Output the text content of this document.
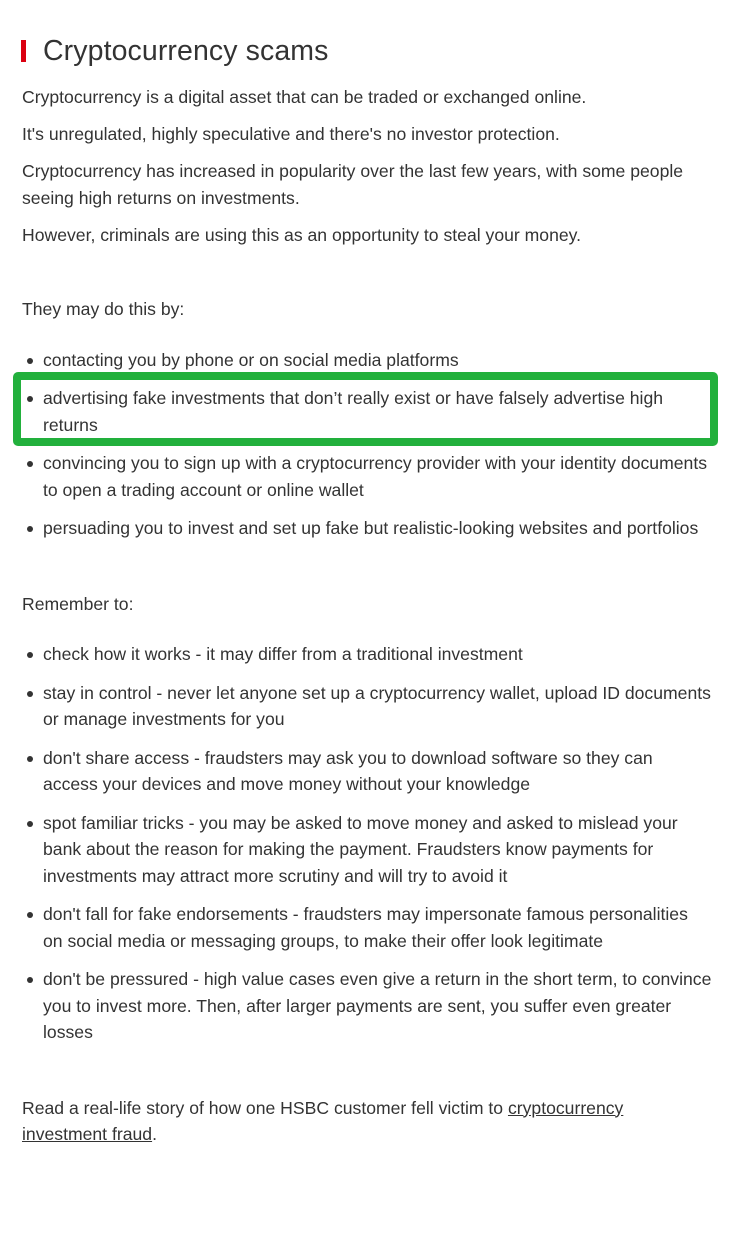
Cryptocurrency scams

Cryptocurrency is a digital asset that can be traded or exchanged online.

It's unregulated, highly speculative and there's no investor protection.

Cryptocurrency has increased in popularity over the last few years, with some people seeing high returns on investments.

However, criminals are using this as an opportunity to steal your money.

They may do this by:

contacting you by phone or on social media platforms
advertising fake investments that don’t really exist or have falsely advertise high returns
convincing you to sign up with a cryptocurrency provider with your identity documents to open a trading account or online wallet
persuading you to invest and set up fake but realistic-looking websites and portfolios

Remember to:

check how it works - it may differ from a traditional investment
stay in control - never let anyone set up a cryptocurrency wallet, upload ID documents or manage investments for you
don't share access - fraudsters may ask you to download software so they can access your devices and move money without your knowledge
spot familiar tricks - you may be asked to move money and asked to mislead your bank about the reason for making the payment. Fraudsters know payments for investments may attract more scrutiny and will try to avoid it
don't fall for fake endorsements - fraudsters may impersonate famous personalities on social media or messaging groups, to make their offer look legitimate
don't be pressured - high value cases even give a return in the short term, to convince you to invest more. Then, after larger payments are sent, you suffer even greater losses

Read a real-life story of how one HSBC customer fell victim to cryptocurrency investment fraud.
